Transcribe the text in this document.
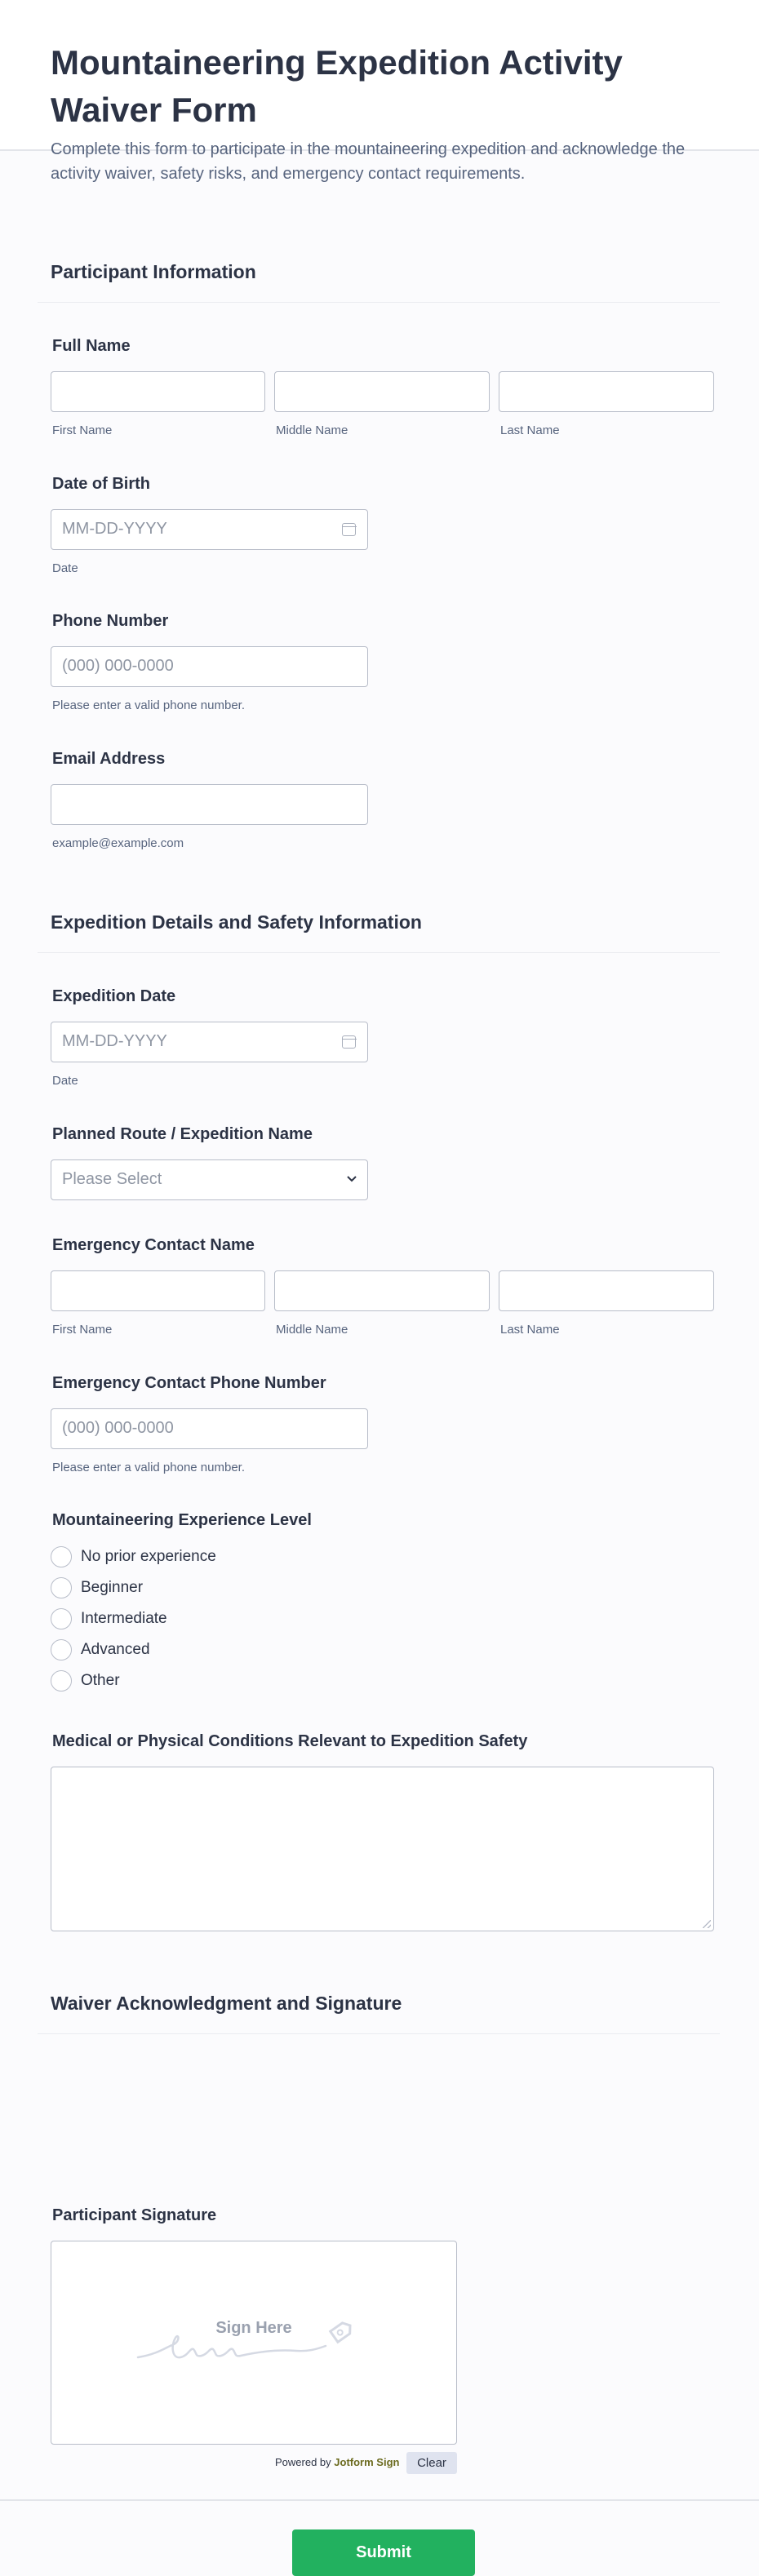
Mountaineering Expedition Activity Waiver Form

Complete this form to participate in the mountaineering expedition and acknowledge the activity waiver, safety risks, and emergency contact requirements.

Participant Information
Full Name
First Name	Middle Name	Last Name
Date of Birth
MM-DD-YYYY
Date
Phone Number
(000) 000-0000
Please enter a valid phone number.
Email Address
example@example.com
Expedition Details and Safety Information
Expedition Date
MM-DD-YYYY
Date
Planned Route / Expedition Name
Please Select
Emergency Contact Name
First Name	Middle Name	Last Name
Emergency Contact Phone Number
(000) 000-0000
Please enter a valid phone number.
Mountaineering Experience Level
No prior experience
Beginner
Intermediate
Advanced
Other
Medical or Physical Conditions Relevant to Expedition Safety
Waiver Acknowledgment and Signature
Participant Signature
Sign Here
Powered by Jotform Sign	Clear
Submit
